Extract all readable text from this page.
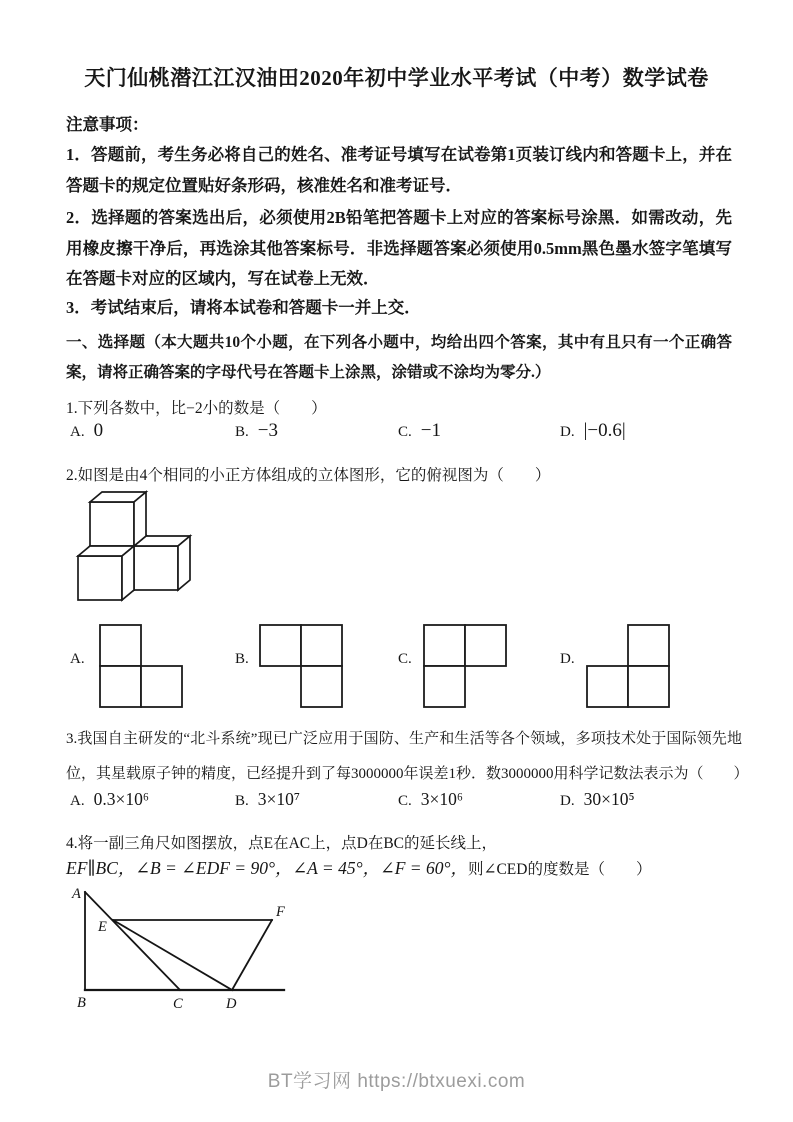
天门仙桃潜江江汉油田2020年初中学业水平考试（中考）数学试卷
注意事项：
1．答题前，考生务必将自己的姓名、准考证号填写在试卷第1页装订线内和答题卡上，并在答题卡的规定位置贴好条形码，核准姓名和准考证号．
2．选择题的答案选出后，必须使用2B铅笔把答题卡上对应的答案标号涂黑．如需改动，先用橡皮擦干净后，再选涂其他答案标号．非选择题答案必须使用0.5mm黑色墨水签字笔填写在答题卡对应的区域内，写在试卷上无效．
3．考试结束后，请将本试卷和答题卡一并上交．
一、选择题（本大题共10个小题，在下列各小题中，均给出四个答案，其中有且只有一个正确答案，请将正确答案的字母代号在答题卡上涂黑，涂错或不涂均为零分.）
1.下列各数中，比−2小的数是（　　）
A. 0	B. −3	C. −1	D. |−0.6|
2.如图是由4个相同的小正方体组成的立体图形，它的俯视图为（　　）
A.	B.	C.	D.
3.我国自主研发的“北斗系统”现已广泛应用于国防、生产和生活等各个领域，多项技术处于国际领先地位，其星载原子钟的精度，已经提升到了每3000000年误差1秒．数3000000用科学记数法表示为（　　）
A. 0.3×10⁶	B. 3×10⁷	C. 3×10⁶	D. 30×10⁵
4.将一副三角尺如图摆放，点E在AC上，点D在BC的延长线上，
EF∥BC，∠B = ∠EDF = 90°，∠A = 45°，∠F = 60°，则∠CED的度数是（　　）
A
B	C	D
E
F
BT学习网 https://btxuexi.com
